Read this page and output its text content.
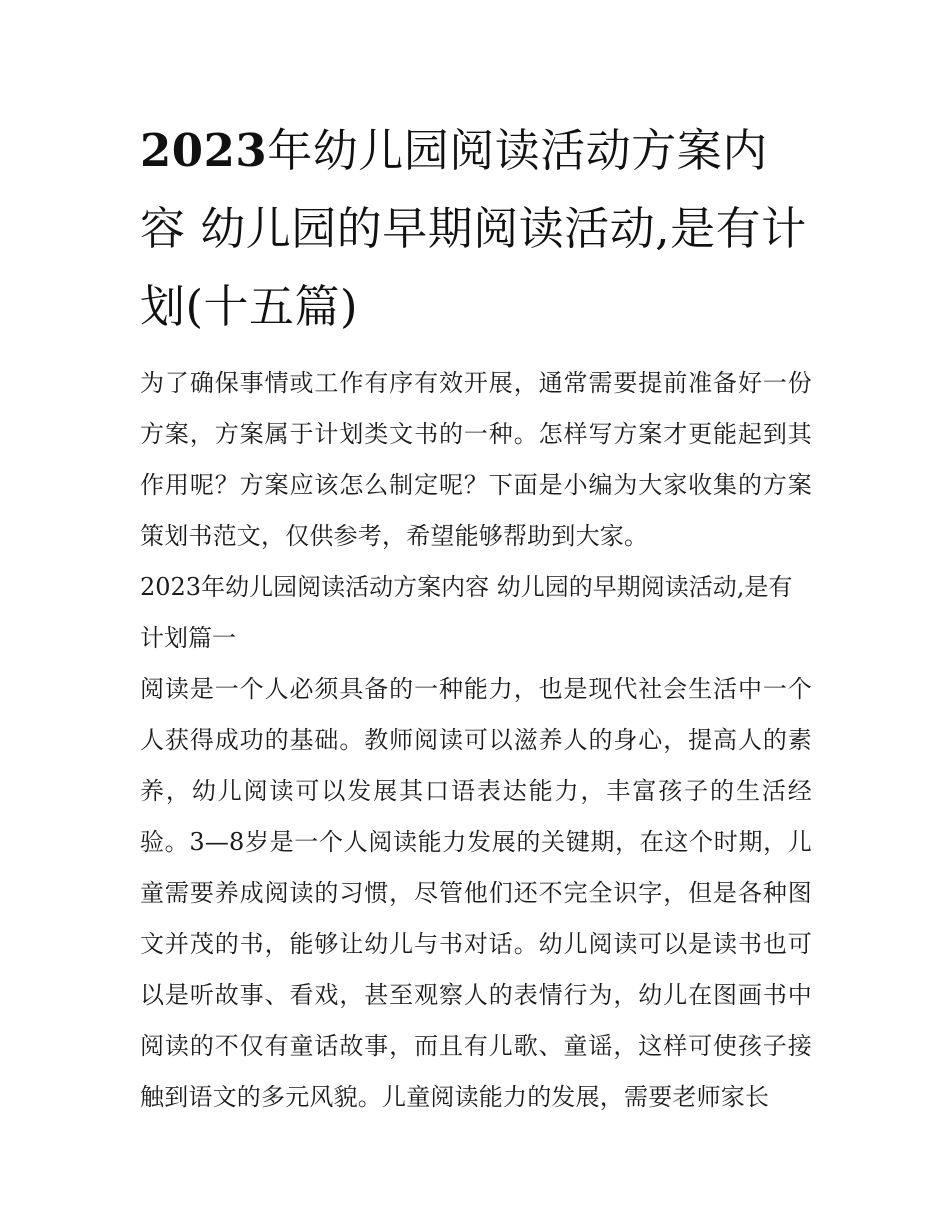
2023年幼儿园阅读活动方案内容 幼儿园的早期阅读活动,是有计划(十五篇)

为了确保事情或工作有序有效开展，通常需要提前准备好一份方案，方案属于计划类文书的一种。怎样写方案才更能起到其作用呢？方案应该怎么制定呢？下面是小编为大家收集的方案策划书范文，仅供参考，希望能够帮助到大家。

2023年幼儿园阅读活动方案内容 幼儿园的早期阅读活动,是有计划篇一

阅读是一个人必须具备的一种能力，也是现代社会生活中一个人获得成功的基础。教师阅读可以滋养人的身心，提高人的素养，幼儿阅读可以发展其口语表达能力，丰富孩子的生活经验。3—8岁是一个人阅读能力发展的关键期，在这个时期，儿童需要养成阅读的习惯，尽管他们还不完全识字，但是各种图文并茂的书，能够让幼儿与书对话。幼儿阅读可以是读书也可以是听故事、看戏，甚至观察人的表情行为，幼儿在图画书中阅读的不仅有童话故事，而且有儿歌、童谣，这样可使孩子接触到语文的多元风貌。儿童阅读能力的发展，需要老师家长
